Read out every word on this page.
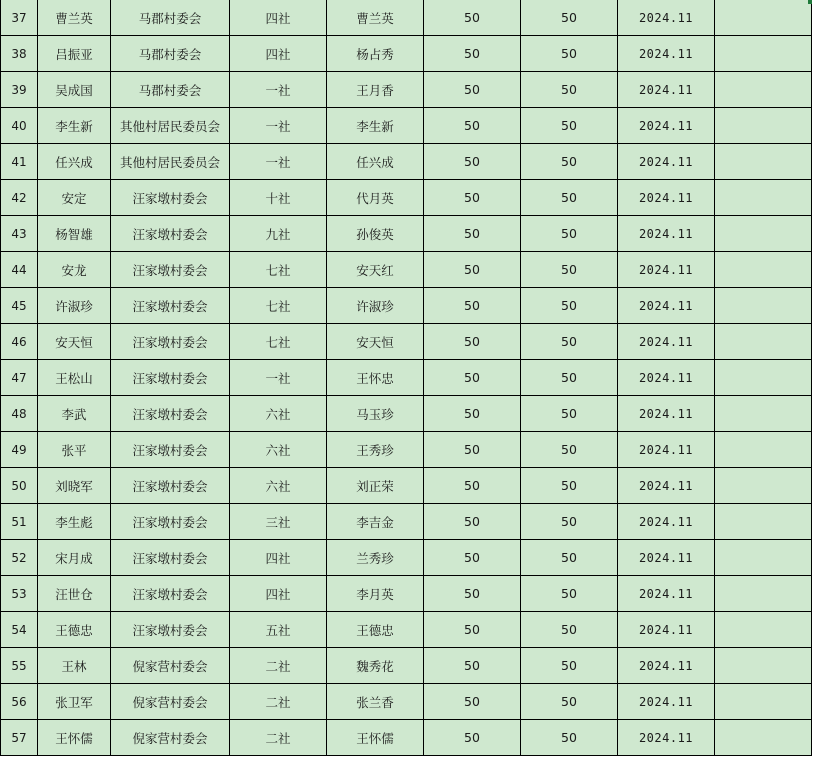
37	曹兰英	马郡村委会	四社	曹兰英	50	50	2024.11	
38	吕振亚	马郡村委会	四社	杨占秀	50	50	2024.11	
39	吴成国	马郡村委会	一社	王月香	50	50	2024.11	
40	李生新	其他村居民委员会	一社	李生新	50	50	2024.11	
41	任兴成	其他村居民委员会	一社	任兴成	50	50	2024.11	
42	安定	汪家墩村委会	十社	代月英	50	50	2024.11	
43	杨智雄	汪家墩村委会	九社	孙俊英	50	50	2024.11	
44	安龙	汪家墩村委会	七社	安天红	50	50	2024.11	
45	许淑珍	汪家墩村委会	七社	许淑珍	50	50	2024.11	
46	安天恒	汪家墩村委会	七社	安天恒	50	50	2024.11	
47	王松山	汪家墩村委会	一社	王怀忠	50	50	2024.11	
48	李武	汪家墩村委会	六社	马玉珍	50	50	2024.11	
49	张平	汪家墩村委会	六社	王秀珍	50	50	2024.11	
50	刘晓军	汪家墩村委会	六社	刘正荣	50	50	2024.11	
51	李生彪	汪家墩村委会	三社	李吉金	50	50	2024.11	
52	宋月成	汪家墩村委会	四社	兰秀珍	50	50	2024.11	
53	汪世仓	汪家墩村委会	四社	李月英	50	50	2024.11	
54	王德忠	汪家墩村委会	五社	王德忠	50	50	2024.11	
55	王林	倪家营村委会	二社	魏秀花	50	50	2024.11	
56	张卫军	倪家营村委会	二社	张兰香	50	50	2024.11	
57	王怀儒	倪家营村委会	二社	王怀儒	50	50	2024.11	
